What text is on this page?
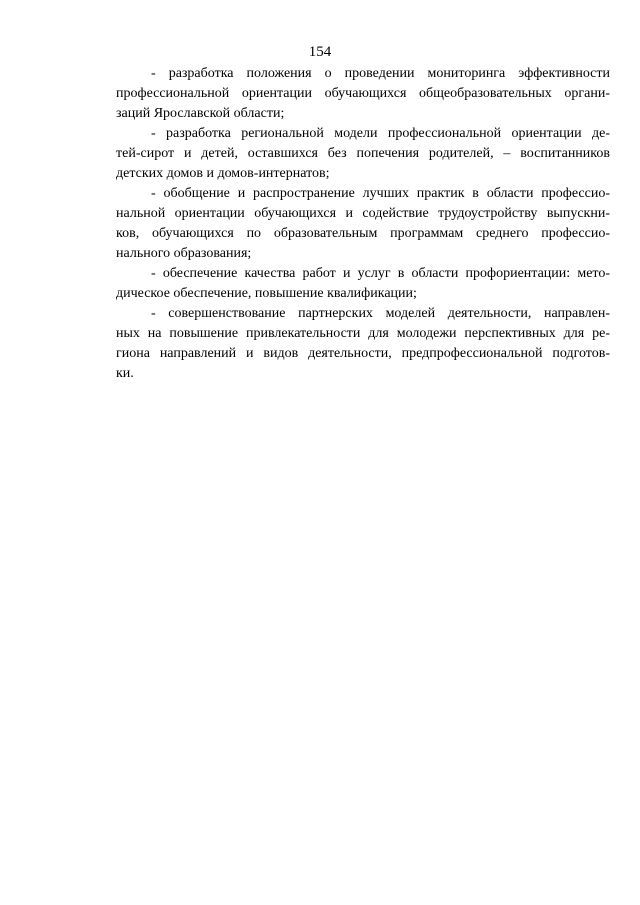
154
- разработка положения о проведении мониторинга эффективности
профессиональной ориентации обучающихся общеобразовательных органи-
заций Ярославской области;
- разработка региональной модели профессиональной ориентации де-
тей-сирот и детей, оставшихся без попечения родителей, – воспитанников
детских домов и домов-интернатов;
- обобщение и распространение лучших практик в области профессио-
нальной ориентации обучающихся и содействие трудоустройству выпускни-
ков, обучающихся по образовательным программам среднего профессио-
нального образования;
- обеспечение качества работ и услуг в области профориентации: мето-
дическое обеспечение, повышение квалификации;
- совершенствование партнерских моделей деятельности, направлен-
ных на повышение привлекательности для молодежи перспективных для ре-
гиона направлений и видов деятельности, предпрофессиональной подготов-
ки.
